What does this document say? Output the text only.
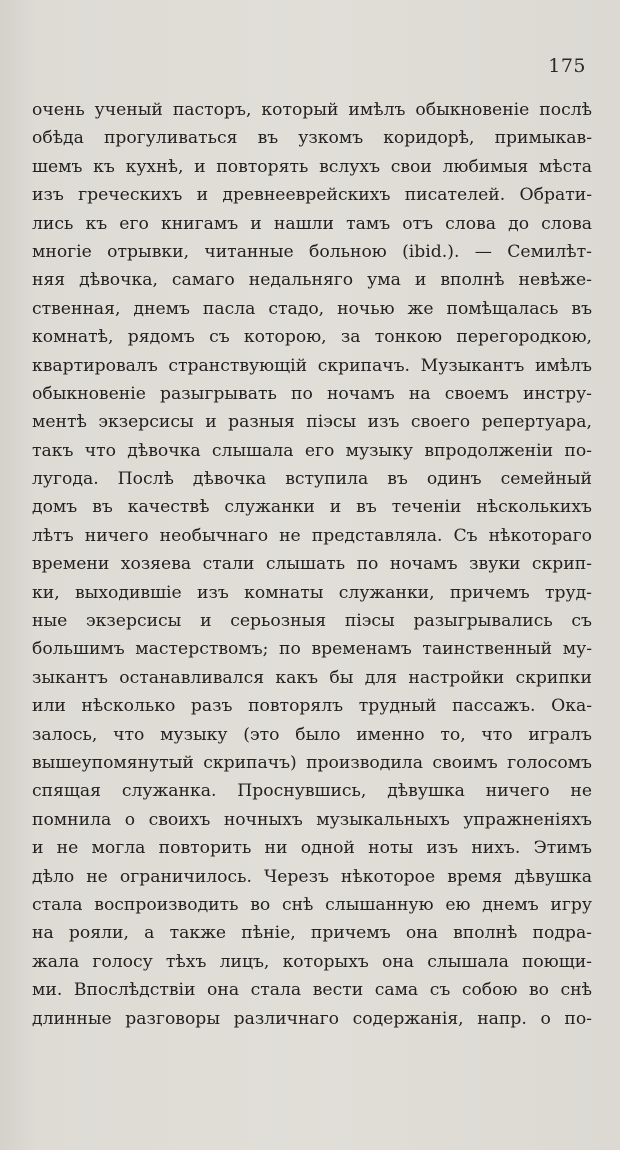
175
очень ученый пасторъ, который имѣлъ обыкновеніе послѣ
обѣда прогуливаться въ узкомъ коридорѣ, примыкав-
шемъ къ кухнѣ, и повторять вслухъ свои любимыя мѣста
изъ греческихъ и древнееврейскихъ писателей. Обрати-
лись къ его книгамъ и нашли тамъ отъ слова до слова
многіе отрывки, читанные больною (ibid.). — Семилѣт-
няя дѣвочка, самаго недальняго ума и вполнѣ невѣже-
ственная, днемъ пасла стадо, ночью же помѣщалась въ
комнатѣ, рядомъ съ которою, за тонкою перегородкою,
квартировалъ странствующій скрипачъ. Музыкантъ имѣлъ
обыкновеніе разыгрывать по ночамъ на своемъ инстру-
ментѣ экзерсисы и разныя піэсы изъ своего репертуара,
такъ что дѣвочка слышала его музыку впродолженіи по-
лугода. Послѣ дѣвочка вступила въ одинъ семейный
домъ въ качествѣ служанки и въ теченіи нѣсколькихъ
лѣтъ ничего необычнаго не представляла. Съ нѣкотораго
времени хозяева стали слышать по ночамъ звуки скрип-
ки, выходившіе изъ комнаты служанки, причемъ труд-
ные экзерсисы и серьозныя піэсы разыгрывались съ
большимъ мастерствомъ; по временамъ таинственный му-
зыкантъ останавливался какъ бы для настройки скрипки
или нѣсколько разъ повторялъ трудный пассажъ. Ока-
залось, что музыку (это было именно то, что игралъ
вышеупомянутый скрипачъ) производила своимъ голосомъ
спящая служанка. Проснувшись, дѣвушка ничего не
помнила о своихъ ночныхъ музыкальныхъ упражненіяхъ
и не могла повторить ни одной ноты изъ нихъ. Этимъ
дѣло не ограничилось. Черезъ нѣкоторое время дѣвушка
стала воспроизводить во снѣ слышанную ею днемъ игру
на рояли, а также пѣніе, причемъ она вполнѣ подра-
жала голосу тѣхъ лицъ, которыхъ она слышала поющи-
ми. Впослѣдствіи она стала вести сама съ собою во снѣ
длинные разговоры различнаго содержанія, напр. о по-
